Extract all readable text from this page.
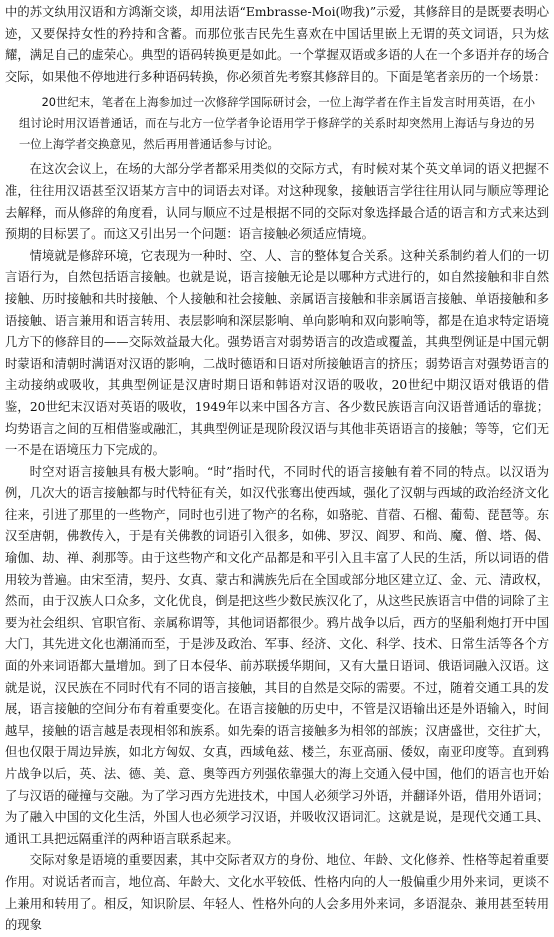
中的苏文纨用汉语和方鸿渐交谈，却用法语“Embrasse-Moi(吻我)”示爱，其修辞目的是既要表明心迹，又要保持女性的矜持和含蓄。而那位张吉民先生喜欢在中国话里嵌上无谓的英文词语，只为炫耀，满足自己的虚荣心。典型的语码转换更是如此。一个掌握双语或多语的人在一个多语并存的场合交际，如果他不停地进行多种语码转换，你必须首先考察其修辞目的。下面是笔者亲历的一个场景：

20世纪末，笔者在上海参加过一次修辞学国际研讨会，一位上海学者在作主旨发言时用英语，在小组讨论时用汉语普通话，而在与北方一位学者争论语用学于修辞学的关系时却突然用上海话与身边的另一位上海学者交换意见，然后再用普通话参与讨论。

在这次会议上，在场的大部分学者都采用类似的交际方式，有时候对某个英文单词的语义把握不准，往往用汉语甚至汉语某方言中的词语去对译。对这种现象，接触语言学往往用认同与顺应等理论去解释，而从修辞的角度看，认同与顺应不过是根据不同的交际对象选择最合适的语言和方式来达到预期的目标罢了。而这又引出另一个问题：语言接触必须适应情境。

情境就是修辞环境，它表现为一种时、空、人、言的整体复合关系。这种关系制约着人们的一切言语行为，自然包括语言接触。也就是说，语言接触无论是以哪种方式进行的，如自然接触和非自然接触、历时接触和共时接触、个人接触和社会接触、亲属语言接触和非亲属语言接触、单语接触和多语接触、语言兼用和语言转用、表层影响和深层影响、单向影响和双向影响等，都是在追求特定语境几方下的修辞目的——交际效益最大化。强势语言对弱势语言的改造或覆盖，其典型例证是中国元朝时蒙语和清朝时满语对汉语的影响，二战时德语和日语对所接触语言的挤压；弱势语言对强势语言的主动接纳或吸收，其典型例证是汉唐时期日语和韩语对汉语的吸收，20世纪中期汉语对俄语的借鉴，20世纪末汉语对英语的吸收，1949年以来中国各方言、各少数民族语言向汉语普通话的靠拢；均势语言之间的互相借鉴或融汇，其典型例证是现阶段汉语与其他非英语语言的接触；等等，它们无一不是在语境压力下完成的。

时空对语言接触具有极大影响。“时”指时代，不同时代的语言接触有着不同的特点。以汉语为例，几次大的语言接触都与时代特征有关，如汉代张骞出使西域，强化了汉朝与西域的政治经济文化往来，引进了那里的一些物产，同时也引进了物产的名称，如骆驼、苜蓿、石榴、葡萄、琵琶等。东汉至唐朝，佛教传入，于是有关佛教的词语引入很多，如佛、罗汉、阎罗、和尚、魔、僧、塔、偈、瑜伽、劫、禅、刹那等。由于这些物产和文化产品都是和平引入且丰富了人民的生活，所以词语的借用较为普遍。由宋至清，契丹、女真、蒙古和满族先后在全国或部分地区建立辽、金、元、清政权，然而，由于汉族人口众多，文化优良，倒是把这些少数民族汉化了，从这些民族语言中借的词除了主要为社会组织、官职官衔、亲属称谓等，其他词语都很少。鸦片战争以后，西方的坚船利炮打开中国大门，其先进文化也潮涌而至，于是涉及政治、军事、经济、文化、科学、技术、日常生活等各个方面的外来词语都大量增加。到了日本侵华、前苏联援华期间，又有大量日语词、俄语词融入汉语。这就是说，汉民族在不同时代有不同的语言接触，其目的自然是交际的需要。不过，随着交通工具的发展，语言接触的空间分布有着重要变化。在语言接触的历史中，不管是汉语输出还是外语输入，时间越早，接触的语言越是表现相邻和族系。如先秦的语言接触多为相邻的部族；汉唐盛世，交往扩大，但也仅限于周边异族，如北方匈奴、女真，西域龟兹、楼兰，东亚高丽、倭奴，南亚印度等。直到鸦片战争以后，英、法、德、美、意、奥等西方列强依靠强大的海上交通入侵中国，他们的语言也开始了与汉语的碰撞与交融。为了学习西方先进技术，中国人必须学习外语，并翻译外语，借用外语词；为了融入中国的文化生活，外国人也必须学习汉语，并吸收汉语词汇。这就是说，是现代交通工具、通讯工具把远隔重洋的两种语言联系起来。

交际对象是语境的重要因素，其中交际者双方的身份、地位、年龄、文化修养、性格等起着重要作用。对说话者而言，地位高、年龄大、文化水平较低、性格内向的人一般偏重少用外来词，更谈不上兼用和转用了。相反，知识阶层、年轻人、性格外向的人会多用外来词，多语混杂、兼用甚至转用的现象
